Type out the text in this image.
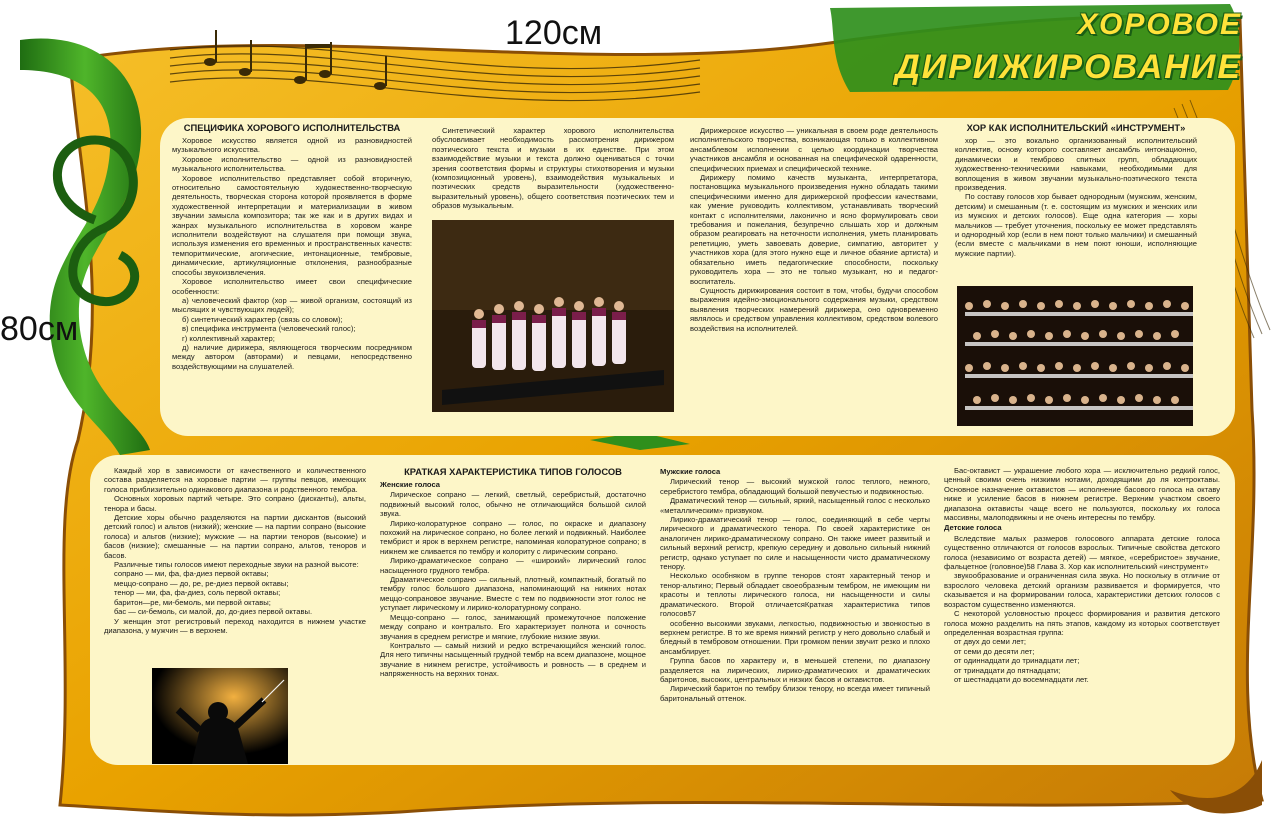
120см
80см
ХОРОВОЕ
ДИРИЖИРОВАНИЕ

СПЕЦИФИКА ХОРОВОГО ИСПОЛНИТЕЛЬСТВА

Хоровое искусство является одной из разновидностей музыкального искусства.

Хоровое исполнительство — одной из разновидностей музыкального исполнительства.

Хоровое исполнительство представляет собой вторичную, относительно самостоятельную художественно-творческую деятельность, творческая сторона которой проявляется в форме художественной интерпретации и материализации в живом звучании замысла композитора; так же как и в других видах и жанрах музыкального исполнительства в хоровом жанре исполнители воздействуют на слушателя при помощи звука, используя изменения его временных и пространственных качеств: темпоритмические, агогические, интонационные, тембровые, динамические, артикуляционные отклонения, разнообразные способы звукоизвлечения.

Хоровое исполнительство имеет свои специфические особенности:

а) человеческий фактор (хор — живой организм, состоящий из мыслящих и чувствующих людей);

б) синтетический характер (связь со словом);

в) специфика инструмента (человеческий голос);

г) коллективный характер;

д) наличие дирижера, являющегося творческим посредником между автором (авторами) и певцами, непосредственно воздействующими на слушателей.

Синтетический характер хорового исполнительства обусловливает необходимость рассмотрения дирижером поэтического текста и музыки в их единстве. При этом взаимодействие музыки и текста должно оцениваться с точки зрения соответствия формы и структуры стихотворения и музыки (композиционный уровень), взаимодействия музыкальных и поэтических средств выразительности (художественно-выразительный уровень), общего соответствия поэтических тем и образов музыкальным.

Дирижерское искусство — уникальная в своем роде деятельность исполнительского творчества, возникающая только в коллективном ансамблевом исполнении с целью координации творчества участников ансамбля и основанная на специфической одаренности, специфических приемах и специфической технике.

Дирижеру помимо качеств музыканта, интерпретатора, постановщика музыкального произведения нужно обладать такими специфическими именно для дирижерской профессии качествами, как умение руководить коллективом, устанавливать творческий контакт с исполнителями, лаконично и ясно формулировать свои требования и пожелания, безупречно слышать хор и должным образом реагировать на неточности исполнения, уметь планировать репетицию, уметь завоевать доверие, симпатию, авторитет у участников хора (для этого нужно еще и личное обаяние артиста) и обязательно иметь педагогические способности, поскольку руководитель хора — это не только музыкант, но и педагог-воспитатель.

Сущность дирижирования состоит в том, чтобы, будучи способом выражения идейно-эмоционального содержания музыки, средством выявления творческих намерений дирижера, оно одновременно являлось и средством управления коллективом, средством волевого воздействия на исполнителей.

ХОР КАК ИСПОЛНИТЕЛЬСКИЙ «ИНСТРУМЕНТ»

хор — это вокально организованный исполнительский коллектив, основу которого составляет ансамбль интонационно, динамически и темброво спитных групп, обладающих художественно-техническими навыками, необходимыми для воплощения в живом звучании музыкально-поэтического текста произведения.

По составу голосов хор бывает однородным (мужским, женским, детским) и смешанным (т. е. состоящим из мужских и женских или из мужских и детских голосов). Еще одна категория — хоры мальчиков — требует уточнения, поскольку ее может представлять и однородный хор (если в нем поют только мальчики) и смешанный (если вместе с мальчиками в нем поют юноши, исполняющие мужские партии).

Каждый хор в зависимости от качественного и количественного состава разделяется на хоровые партии — группы певцов, имеющих голоса приблизительно одинакового диапазона и родственного тембра.

Основных хоровых партий четыре. Это сопрано (дисканты), альты, тенора и басы.

Детские хоры обычно разделяются на партии дискантов (высокий детский голос) и альтов (низкий); женские — на партии сопрано (высокие голоса) и альтов (низкие); мужские — на партии теноров (высокие) и басов (низкие); смешанные — на партии сопрано, альтов, теноров и басов.

Различные типы голосов имеют переходные звуки на разной высоте:

сопрано — ми, фа, фа-диез первой октавы;

меццо-сопрано — до, ре, ре-диез первой октавы;

тенор — ми, фа, фа-диез, соль первой октавы;

баритон—ре, ми-бемоль, ми первой октавы;

бас — си-бемоль, си малой, до, до-диез первой октавы.

У женщин этот регистровый переход находится в нижнем участке диапазона, у мужчин — в верхнем.

КРАТКАЯ ХАРАКТЕРИСТИКА ТИПОВ ГОЛОСОВ

Женские голоса

Лирическое сопрано — легкий, светлый, серебристый, достаточно подвижный высокий голос, обычно не отличающийся большой силой звука.

Лирико-колоратурное сопрано — голос, по окраске и диапазону похожий на лирическое сопрано, но более легкий и подвижный. Наиболее тембрист и ярок в верхнем регистре, напоминая колоратурное сопрано; в нижнем же сливается по тембру и колориту с лирическим сопрано.

Лирико-драматическое сопрано — «широкий» лирический голос насыщенного грудного тембра.

Драматическое сопрано — сильный, плотный, компактный, богатый по тембру голос большого диапазона, напоминающий на нижних нотах меццо-сопрановое звучание. Вместе с тем по подвижности этот голос не уступает лирическому и лирико-колоратурному сопрано.

Меццо-сопрано — голос, занимающий промежуточное положение между сопрано и контральто. Его характеризует полнота и сочность звучания в среднем регистре и мягкие, глубокие низкие звуки.

Контральто — самый низкий и редко встречающийся женский голос. Для него типичны насыщенный грудной тембр на всем диапазоне, мощное звучание в нижнем регистре, устойчивость и ровность — в среднем и напряженность на верхних тонах.

Мужские голоса

Лирический тенор — высокий мужской голос теплого, нежного, серебристого тембра, обладающий большой певучестью и подвижностью.

Драматический тенор — сильный, яркий, насыщенный голос с несколько «металлическим» призвуком.

Лирико-драматический тенор — голос, соединяющий в себе черты лирического и драматического тенора. По своей характеристике он аналогичен лирико-драматическому сопрано. Он также имеет развитый и сильный верхний регистр, крепкую середину и довольно сильный нижний регистр, однако уступает по силе и насыщенности чисто драматическому тенору.

Несколько особняком в группе теноров стоят характерный тенор и тенор-альтино; Первый обладает своеобразным тембром, не имеющим ни красоты и теплоты лирического голоса, ни насыщенности и силы драматического. Второй отличаетсяКраткая характеристика типов голосов57

особенно высокими звуками, легкостью, подвижностью и звонкостью в верхнем регистре. В то же время нижний регистр у него довольно слабый и бледный в тембровом отношении. При громком пении звучит резко и плохо ансамблирует.

Группа басов по характеру и, в меньшей степени, по диапазону разделяется на лирических, лирико-драматических и драматических баритонов, высоких, центральных и низких басов и октавистов.

Лирический баритон по тембру близок тенору, но всегда имеет типичный баритональный оттенок.

Бас-октавист — украшение любого хора — исключительно редкий голос, ценный своими очень низкими нотами, доходящими до ля контроктавы. Основное назначение октавистов — исполнение басового голоса на октаву ниже и усиление басов в нижнем регистре. Верхним участком своего диапазона октависты чаще всего не пользуются, поскольку их голоса массивны, малоподвижны и не очень интересны по тембру.

Детские голоса

Вследствие малых размеров голосового аппарата детские голоса существенно отличаются от голосов взрослых. Типичные свойства детского голоса (независимо от возраста детей) — мягкое, «серебристое» звучание, фальцетное (головное)58 Глава 3. Хор как исполнительский «инструмент»

звукообразование и ограниченная сила звука. Но поскольку в отличие от взрослого человека детский организм развивается и формируется, что сказывается и на формировании голоса, характеристики детских голосов с возрастом существенно изменяются.

С некоторой условностью процесс формирования и развития детского голоса можно разделить на пять этапов, каждому из которых соответствует определенная возрастная группа:

от двух до семи лет;

от семи до десяти лет;

от одиннадцати до тринадцати лет;

от тринадцати до пятнадцати;

от шестнадцати до восемнадцати лет.
